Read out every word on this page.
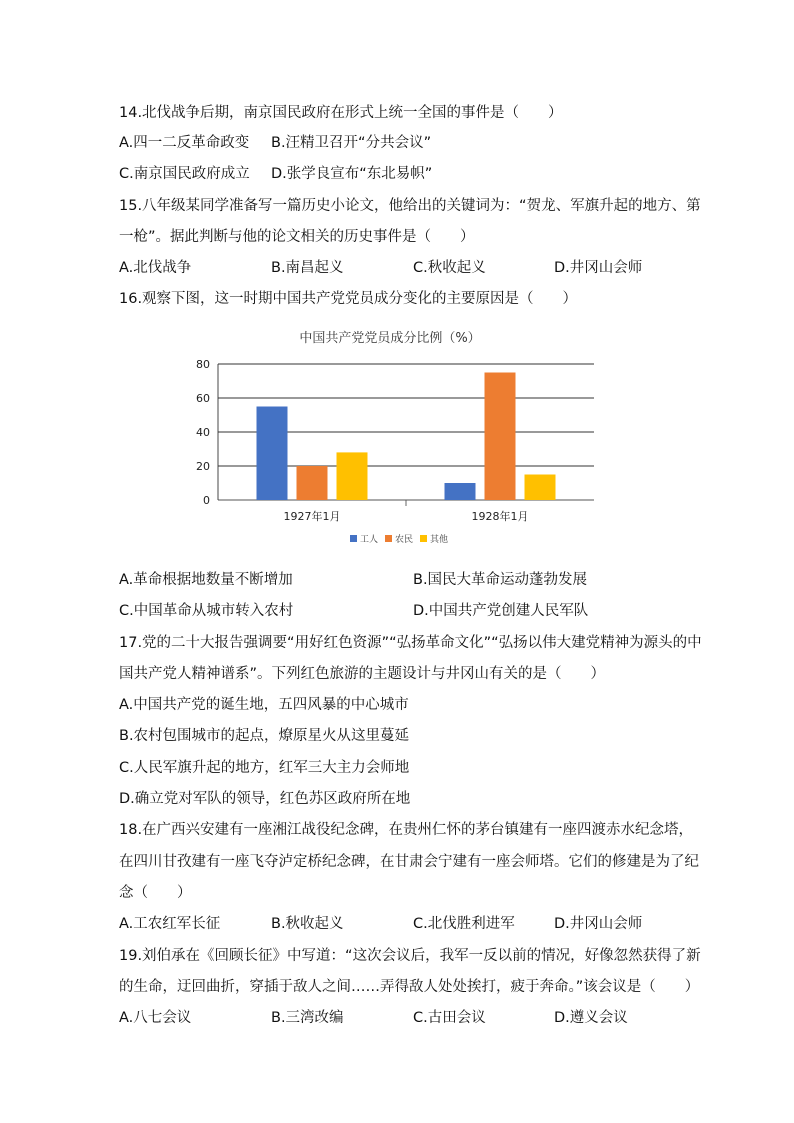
14.北伐战争后期，南京国民政府在形式上统一全国的事件是（　　）
A.四一二反革命政变 B.汪精卫召开“分共会议”
C.南京国民政府成立 D.张学良宣布“东北易帜”
15.八年级某同学准备写一篇历史小论文，他给出的关键词为：“贺龙、军旗升起的地方、第
一枪”。据此判断与他的论文相关的历史事件是（　　）
A.北伐战争	B.南昌起义	C.秋收起义	D.井冈山会师
16.观察下图，这一时期中国共产党党员成分变化的主要原因是（　　）
中国共产党党员成分比例（%）
0
20
40
60
80
1927年1月	1928年1月
工人 农民 其他
A.革命根据地数量不断增加	B.国民大革命运动蓬勃发展
C.中国革命从城市转入农村	D.中国共产党创建人民军队
17.党的二十大报告强调要“用好红色资源”“弘扬革命文化”“弘扬以伟大建党精神为源头的中
国共产党人精神谱系”。下列红色旅游的主题设计与井冈山有关的是（　　）
A.中国共产党的诞生地，五四风暴的中心城市
B.农村包围城市的起点，燎原星火从这里蔓延
C.人民军旗升起的地方，红军三大主力会师地
D.确立党对军队的领导，红色苏区政府所在地
18.在广西兴安建有一座湘江战役纪念碑，在贵州仁怀的茅台镇建有一座四渡赤水纪念塔，
在四川甘孜建有一座飞夺泸定桥纪念碑，在甘肃会宁建有一座会师塔。它们的修建是为了纪
念（　　）
A.工农红军长征	B.秋收起义	C.北伐胜利进军	D.井冈山会师
19.刘伯承在《回顾长征》中写道：“这次会议后，我军一反以前的情况，好像忽然获得了新
的生命，迂回曲折，穿插于敌人之间……弄得敌人处处挨打，疲于奔命。”该会议是（　　）
A.八七会议	B.三湾改编	C.古田会议	D.遵义会议
